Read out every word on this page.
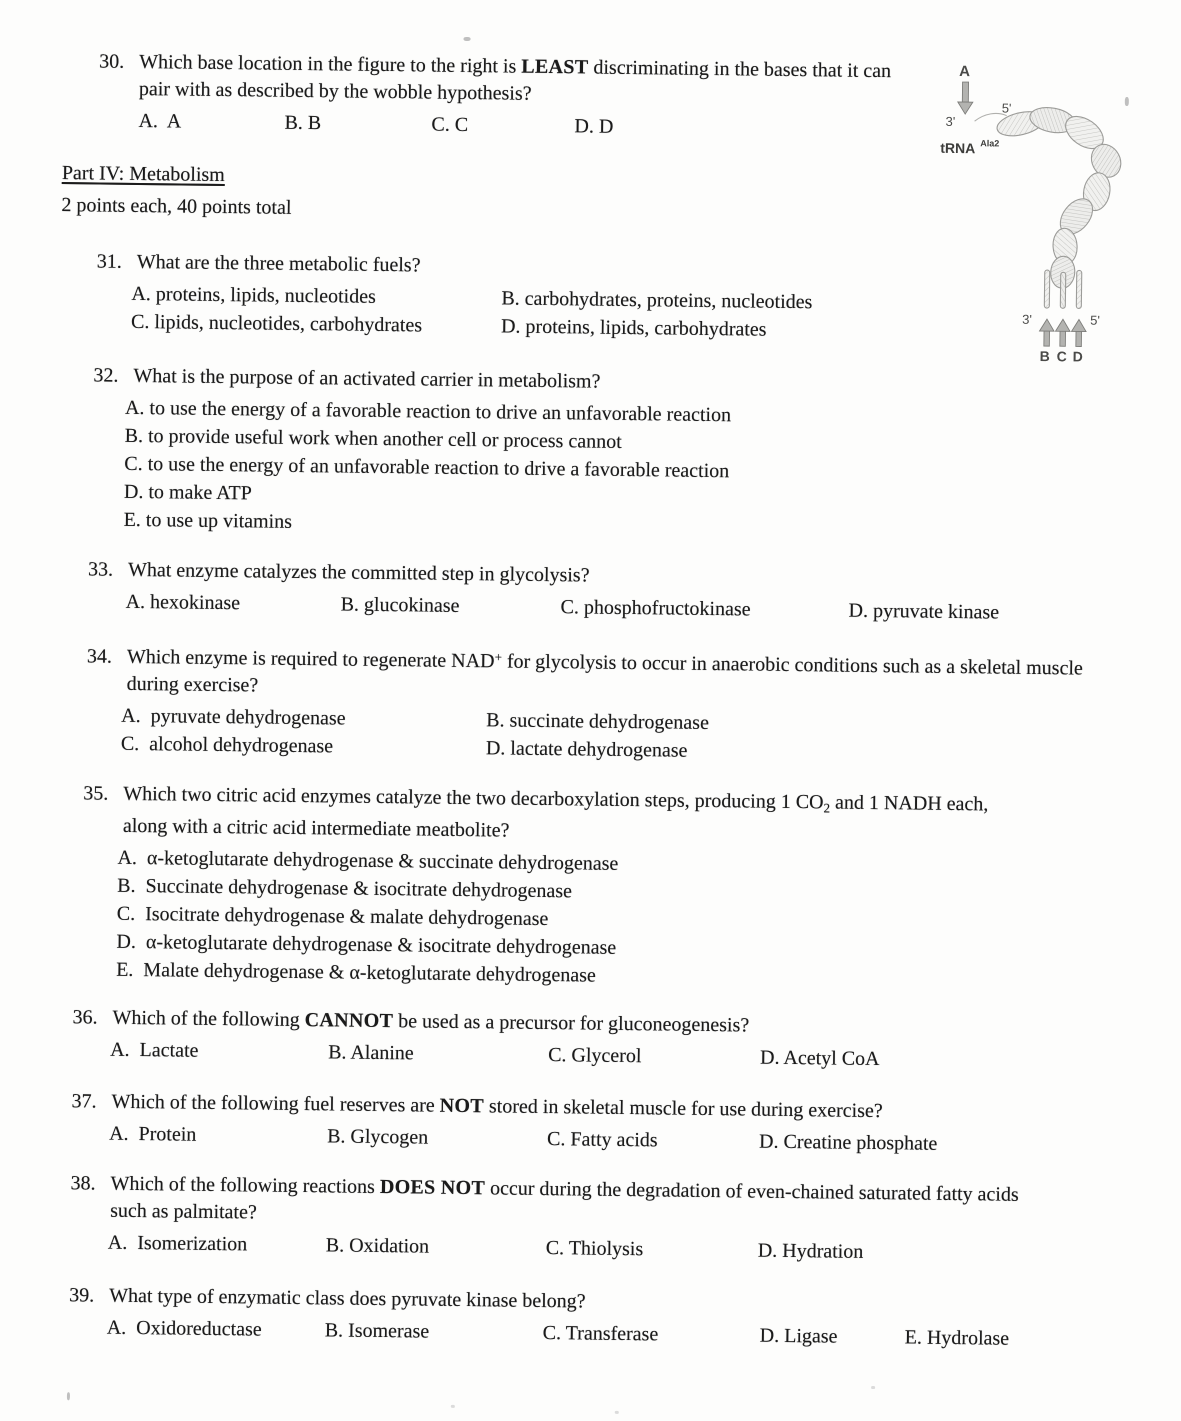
30. Which base location in the figure to the right is LEAST discriminating in the bases that it can pair with as described by the wobble hypothesis?

A.  A	B. B	C. C	D. D
A
3'
5'
tRNA Ala2
3'	5'
B C D
Part IV: Metabolism

2 points each, 40 points total

31. What are the three metabolic fuels?

A. proteins, lipids, nucleotides	B. carbohydrates, proteins, nucleotides
C. lipids, nucleotides, carbohydrates	D. proteins, lipids, carbohydrates

32. What is the purpose of an activated carrier in metabolism?

A. to use the energy of a favorable reaction to drive an unfavorable reaction
B. to provide useful work when another cell or process cannot
C. to use the energy of an unfavorable reaction to drive a favorable reaction
D. to make ATP
E. to use up vitamins

33. What enzyme catalyzes the committed step in glycolysis?

A. hexokinase	B. glucokinase	C. phosphofructokinase	D. pyruvate kinase

34. Which enzyme is required to regenerate NAD+ for glycolysis to occur in anaerobic conditions such as a skeletal muscle during exercise?

A.  pyruvate dehydrogenase	B. succinate dehydrogenase
C.  alcohol dehydrogenase	D. lactate dehydrogenase

35. Which two citric acid enzymes catalyze the two decarboxylation steps, producing 1 $CO_2$ and 1 NADH each, along with a citric acid intermediate meatbolite?

A.  α-ketoglutarate dehydrogenase & succinate dehydrogenase
B.  Succinate dehydrogenase & isocitrate dehydrogenase
C.  Isocitrate dehydrogenase & malate dehydrogenase
D.  α-ketoglutarate dehydrogenase & isocitrate dehydrogenase
E.  Malate dehydrogenase & α-ketoglutarate dehydrogenase

36. Which of the following CANNOT be used as a precursor for gluconeogenesis?

A.  Lactate	B. Alanine	C. Glycerol	D. Acetyl CoA

37. Which of the following fuel reserves are NOT stored in skeletal muscle for use during exercise?

A.  Protein	B. Glycogen	C. Fatty acids	D. Creatine phosphate

38. Which of the following reactions DOES NOT occur during the degradation of even-chained saturated fatty acids such as palmitate?

A.  Isomerization	B. Oxidation	C. Thiolysis	D. Hydration

39. What type of enzymatic class does pyruvate kinase belong?

A.  Oxidoreductase	B. Isomerase	C. Transferase	D. Ligase	E. Hydrolase
